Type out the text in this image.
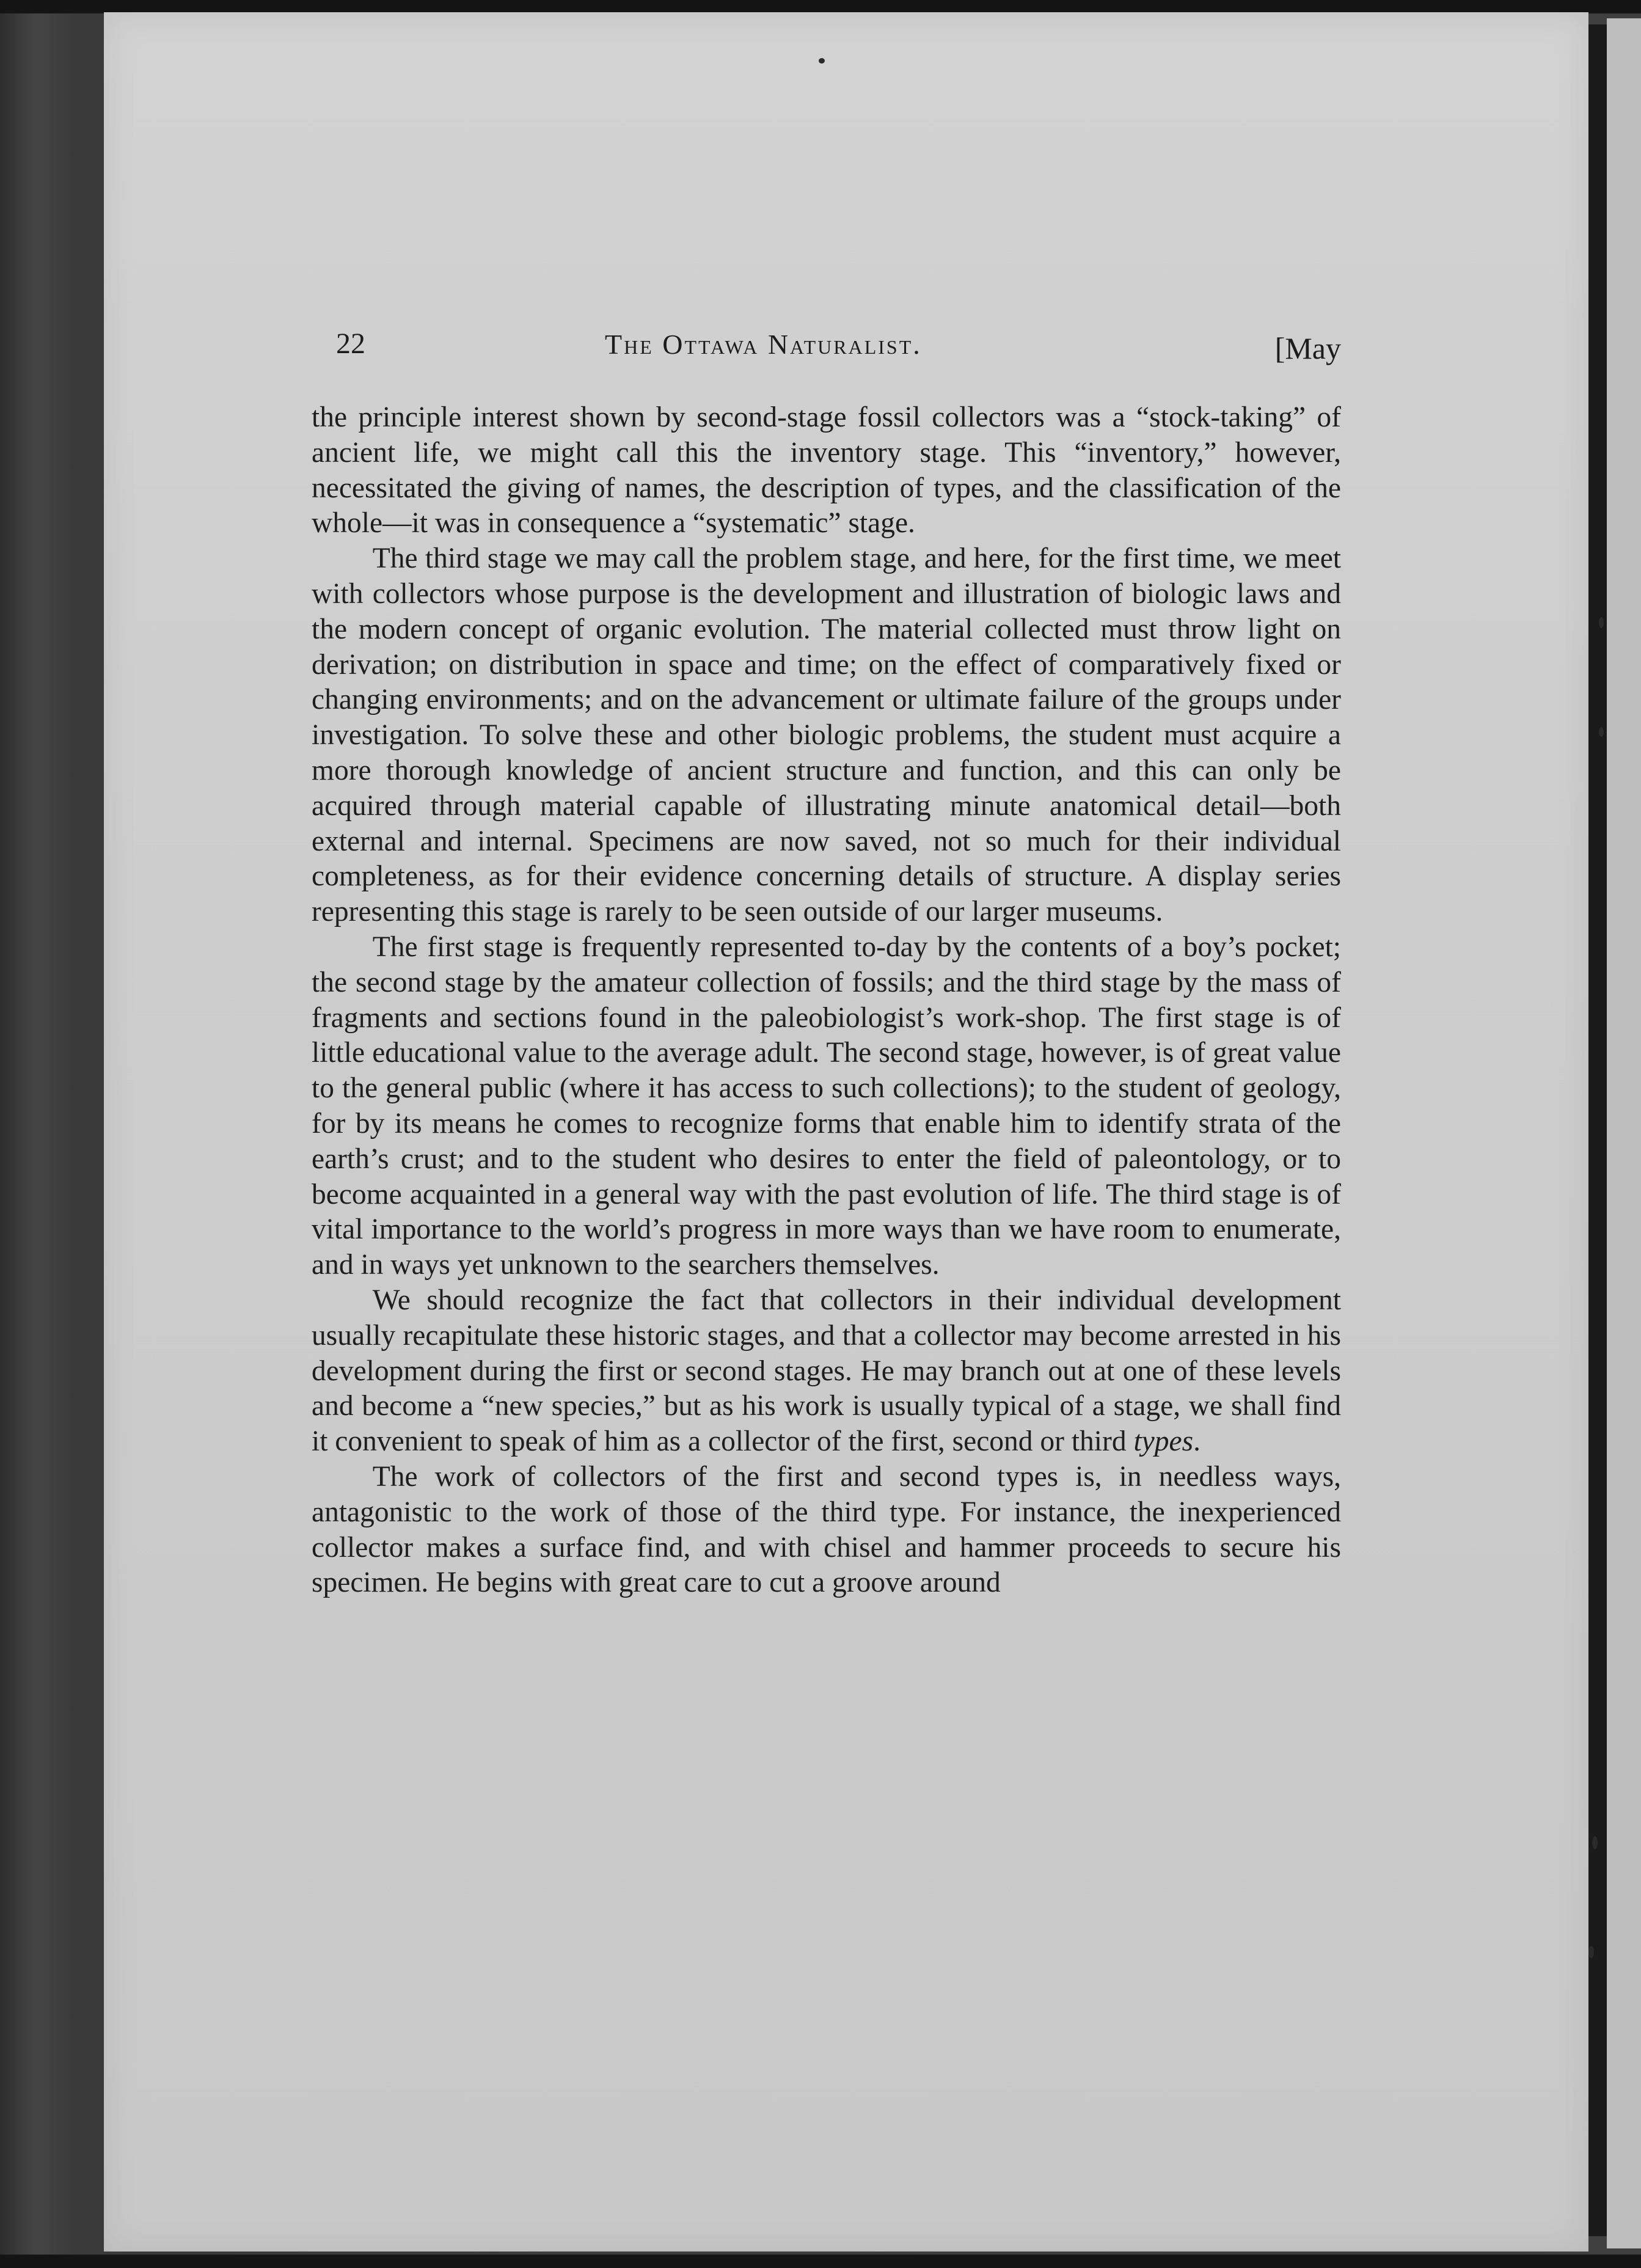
22	The Ottawa Naturalist.	[May

the principle interest shown by second-stage fossil collectors was a “stock-taking” of ancient life, we might call this the inventory stage. This “inventory,” however, necessitated the giving of names, the description of types, and the classification of the whole—it was in consequence a “systematic” stage.

The third stage we may call the problem stage, and here, for the first time, we meet with collectors whose purpose is the development and illustration of biologic laws and the modern concept of organic evolution. The material collected must throw light on derivation; on distribution in space and time; on the effect of comparatively fixed or changing environments; and on the advancement or ultimate failure of the groups under investigation. To solve these and other biologic problems, the student must acquire a more thorough knowledge of ancient structure and function, and this can only be acquired through material capable of illustrating minute anatomical detail—both external and internal. Specimens are now saved, not so much for their individual completeness, as for their evidence concerning details of structure. A display series representing this stage is rarely to be seen outside of our larger museums.

The first stage is frequently represented to-day by the contents of a boy’s pocket; the second stage by the amateur collection of fossils; and the third stage by the mass of fragments and sections found in the paleobiologist’s work-shop. The first stage is of little educational value to the average adult. The second stage, however, is of great value to the general public (where it has access to such collections); to the student of geology, for by its means he comes to recognize forms that enable him to identify strata of the earth’s crust; and to the student who desires to enter the field of paleontology, or to become acquainted in a general way with the past evolution of life. The third stage is of vital importance to the world’s progress in more ways than we have room to enumerate, and in ways yet unknown to the searchers themselves.

We should recognize the fact that collectors in their individual development usually recapitulate these historic stages, and that a collector may become arrested in his development during the first or second stages. He may branch out at one of these levels and become a “new species,” but as his work is usually typical of a stage, we shall find it convenient to speak of him as a collector of the first, second or third types.

The work of collectors of the first and second types is, in needless ways, antagonistic to the work of those of the third type. For instance, the inexperienced collector makes a surface find, and with chisel and hammer proceeds to secure his specimen. He begins with great care to cut a groove around
